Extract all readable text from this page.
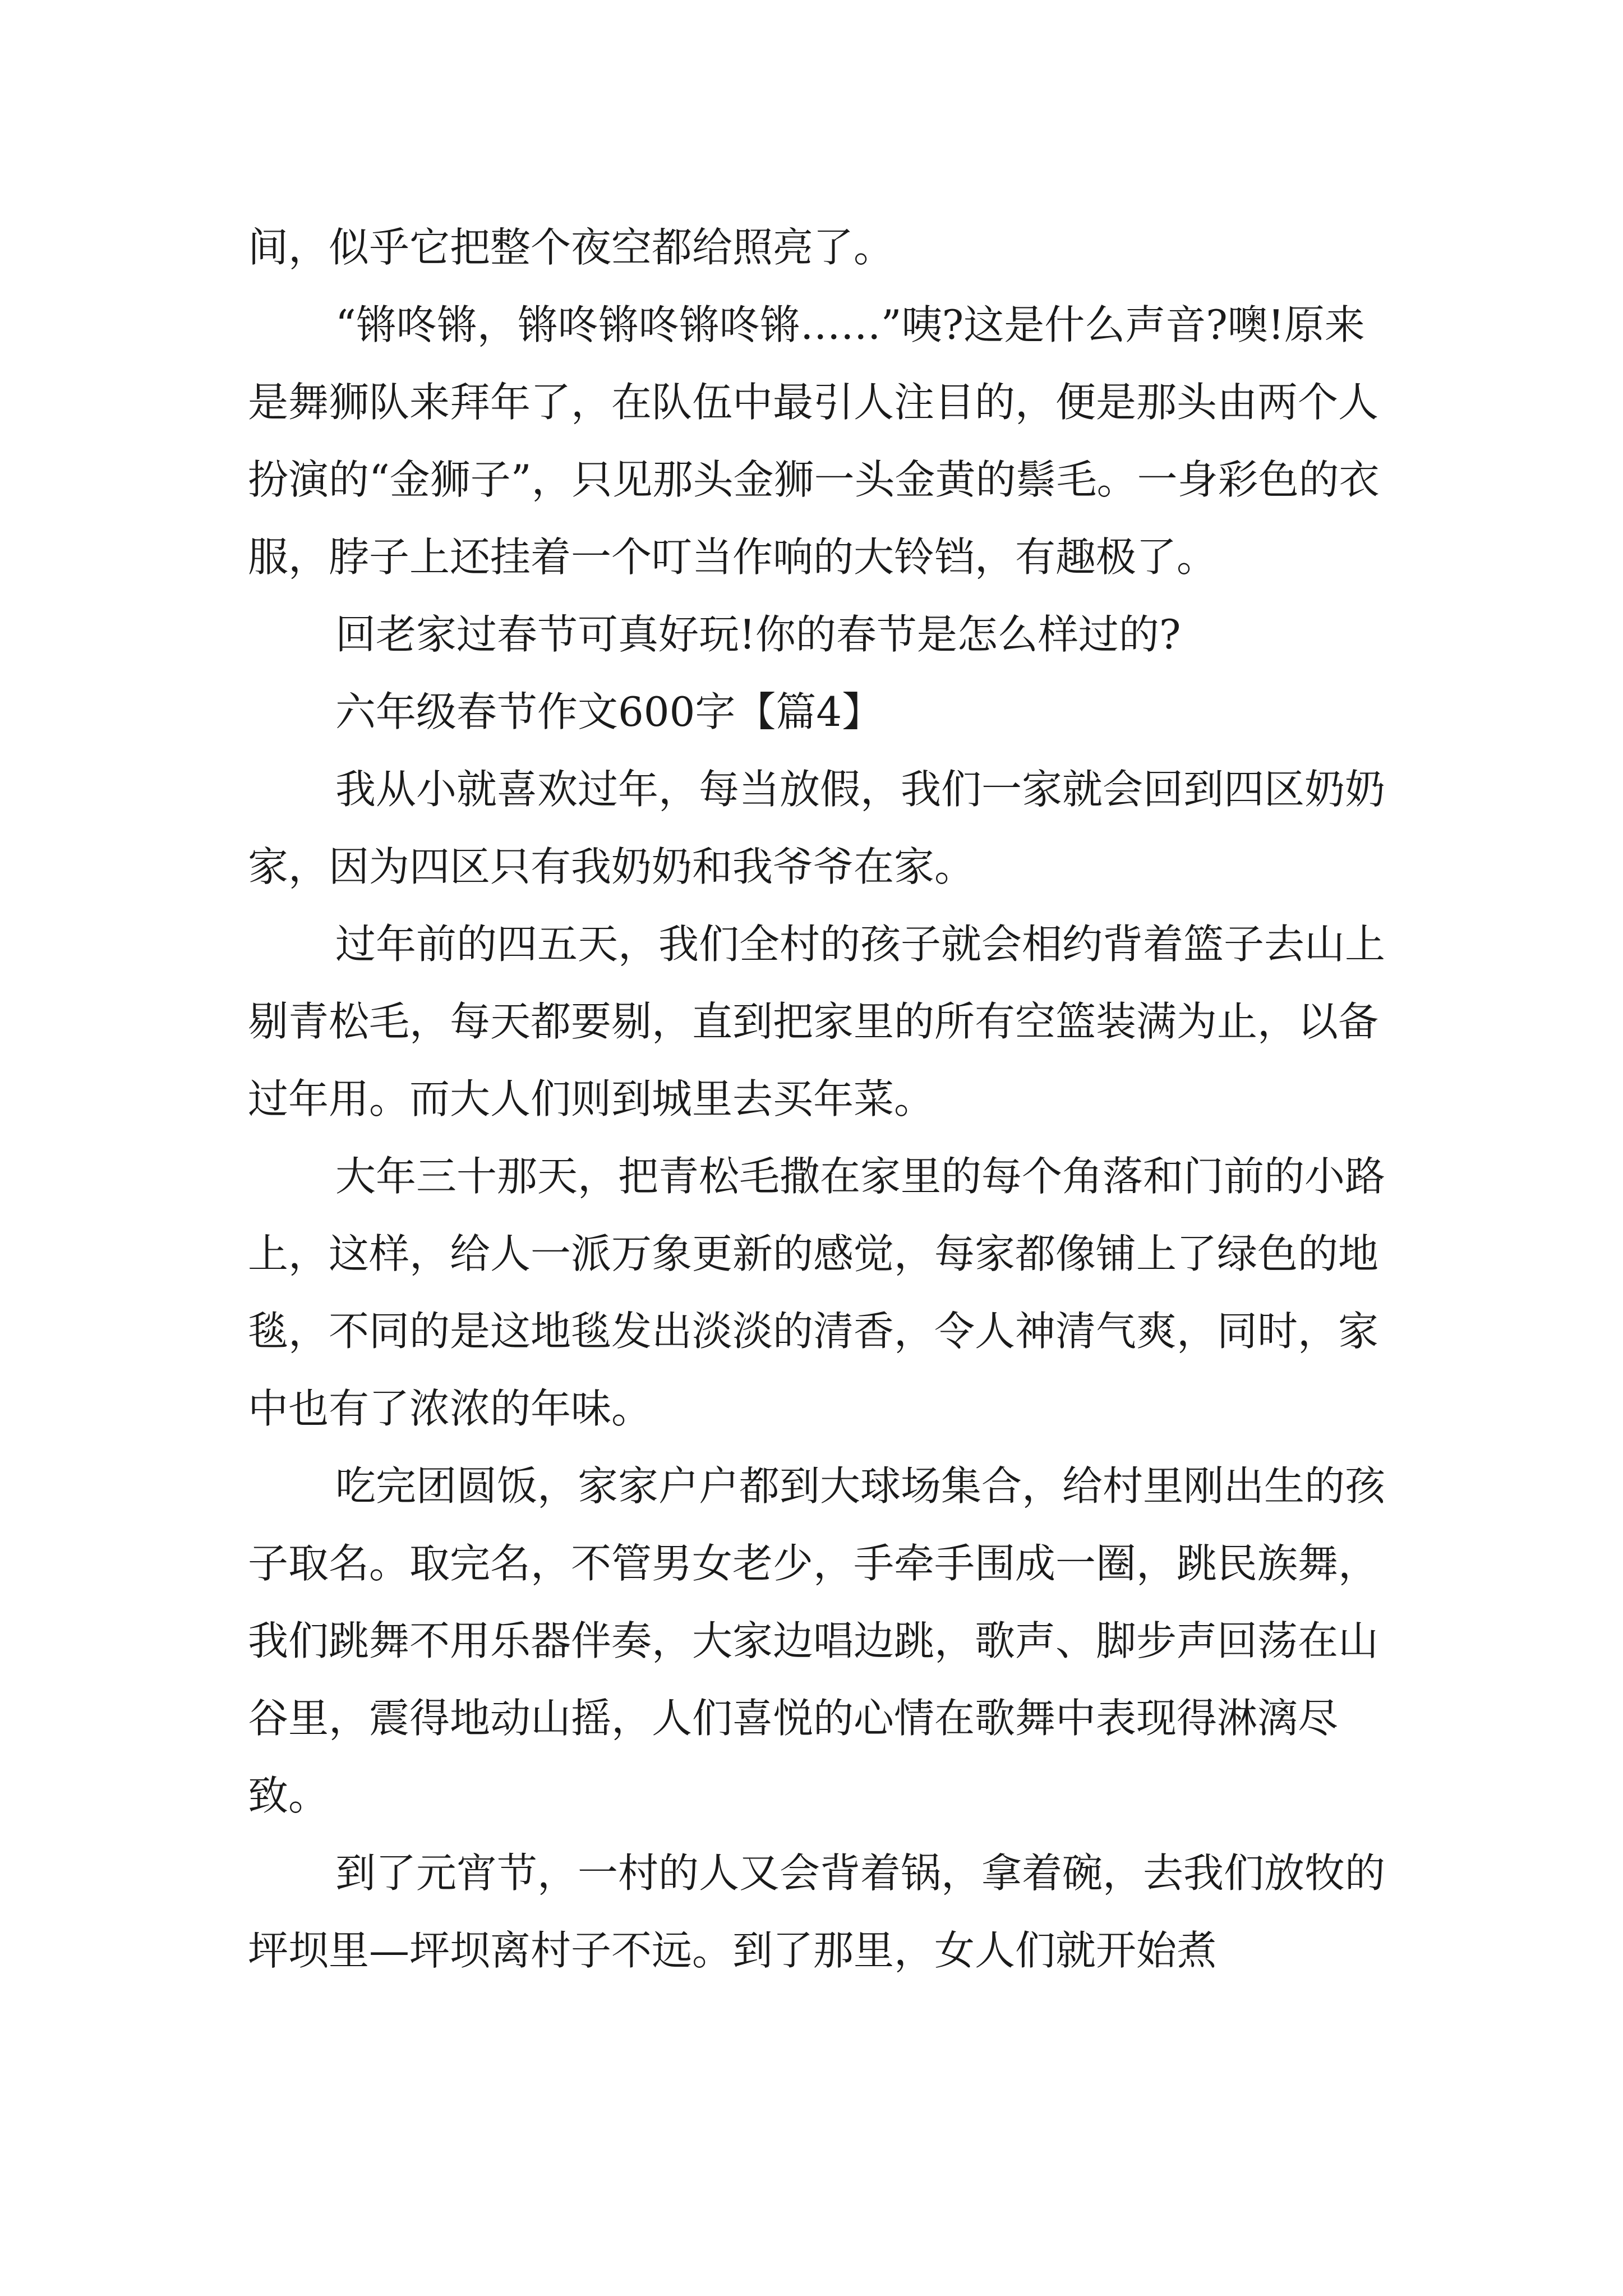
间，似乎它把整个夜空都给照亮了。

“锵咚锵，锵咚锵咚锵咚锵……”咦?这是什么声音?噢!原来是舞狮队来拜年了，在队伍中最引人注目的，便是那头由两个人扮演的“金狮子”，只见那头金狮一头金黄的鬃毛。一身彩色的衣服，脖子上还挂着一个叮当作响的大铃铛，有趣极了。

回老家过春节可真好玩!你的春节是怎么样过的?

六年级春节作文600字【篇4】

我从小就喜欢过年，每当放假，我们一家就会回到四区奶奶家，因为四区只有我奶奶和我爷爷在家。

过年前的四五天，我们全村的孩子就会相约背着篮子去山上剔青松毛，每天都要剔，直到把家里的所有空篮装满为止，以备过年用。而大人们则到城里去买年菜。

大年三十那天，把青松毛撒在家里的每个角落和门前的小路上，这样，给人一派万象更新的感觉，每家都像铺上了绿色的地毯，不同的是这地毯发出淡淡的清香，令人神清气爽，同时，家中也有了浓浓的年味。

吃完团圆饭，家家户户都到大球场集合，给村里刚出生的孩子取名。取完名，不管男女老少，手牵手围成一圈，跳民族舞，我们跳舞不用乐器伴奏，大家边唱边跳，歌声、脚步声回荡在山谷里，震得地动山摇，人们喜悦的心情在歌舞中表现得淋漓尽致。

到了元宵节，一村的人又会背着锅，拿着碗，去我们放牧的坪坝里—坪坝离村子不远。到了那里，女人们就开始煮
